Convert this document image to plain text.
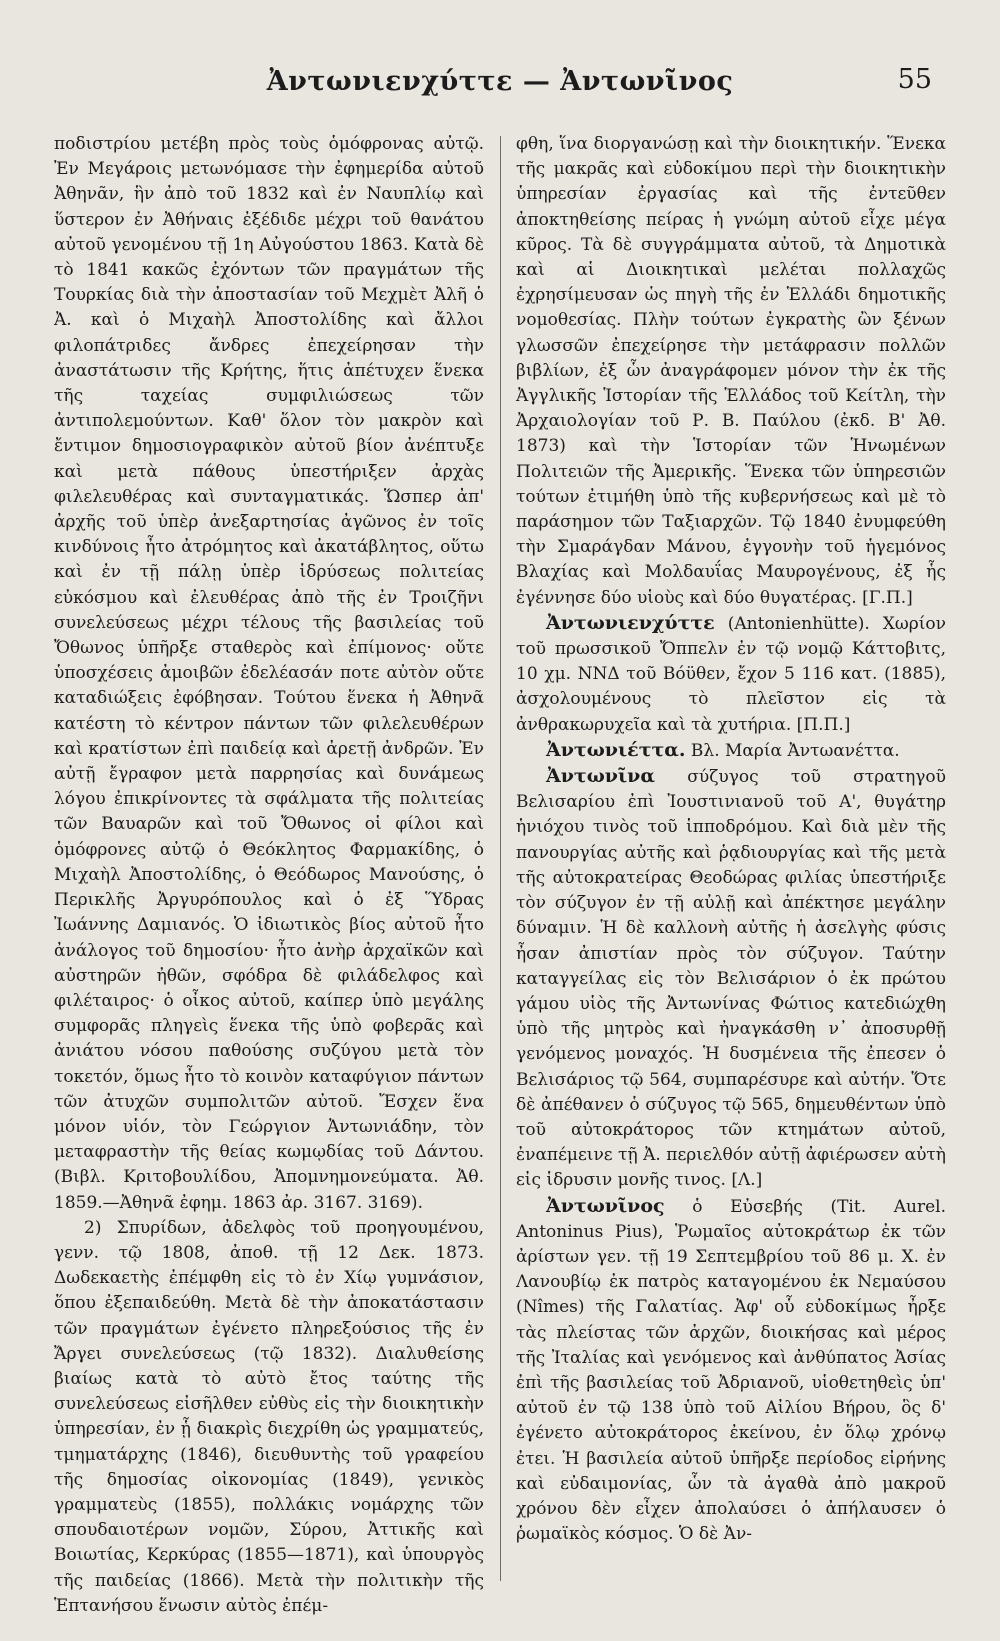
Ἀντωνιενχύττε — Ἀντωνῖνος	55

ποδιστρίου μετέβη πρὸς τοὺς ὁμόφρονας αὐτῷ. Ἐν Μεγάροις μετωνόμασε τὴν ἐφημερίδα αὐτοῦ Ἀθηνᾶν, ἣν ἀπὸ τοῦ 1832 καὶ ἐν Ναυπλίῳ καὶ ὕστερον ἐν Ἀθήναις ἐξέδιδε μέχρι τοῦ θανάτου αὐτοῦ γενομένου τῇ 1η Αὐγούστου 1863. Κατὰ δὲ τὸ 1841 κακῶς ἐχόντων τῶν πραγμάτων τῆς Τουρκίας διὰ τὴν ἀποστασίαν τοῦ Μεχμὲτ Ἀλῆ ὁ Ἀ. καὶ ὁ Μιχαὴλ Ἀποστολίδης καὶ ἄλλοι φιλοπάτριδες ἄνδρες ἐπεχείρησαν τὴν ἀναστάτωσιν τῆς Κρήτης, ἥτις ἀπέτυχεν ἕνεκα τῆς ταχείας συμφιλιώσεως τῶν ἀντιπολεμούντων. Καθ' ὅλον τὸν μακρὸν καὶ ἔντιμον δημοσιογραφικὸν αὐτοῦ βίον ἀνέπτυξε καὶ μετὰ πάθους ὑπεστήριξεν ἀρχὰς φιλελευθέρας καὶ συνταγματικάς. Ὥσπερ ἀπ' ἀρχῆς τοῦ ὑπὲρ ἀνεξαρτησίας ἀγῶνος ἐν τοῖς κινδύνοις ἦτο ἀτρόμητος καὶ ἀκατάβλητος, οὕτω καὶ ἐν τῇ πάλῃ ὑπὲρ ἱδρύσεως πολιτείας εὐκόσμου καὶ ἐλευθέρας ἀπὸ τῆς ἐν Τροιζῆνι συνελεύσεως μέχρι τέλους τῆς βασιλείας τοῦ Ὄθωνος ὑπῆρξε σταθερὸς καὶ ἐπίμονος· οὔτε ὑποσχέσεις ἀμοιβῶν ἐδελέασάν ποτε αὐτὸν οὔτε καταδιώξεις ἐφόβησαν. Τούτου ἕνεκα ἡ Ἀθηνᾶ κατέστη τὸ κέντρον πάντων τῶν φιλελευθέρων καὶ κρατίστων ἐπὶ παιδείᾳ καὶ ἀρετῇ ἀνδρῶν. Ἐν αὐτῇ ἔγραφον μετὰ παρρησίας καὶ δυνάμεως λόγου ἐπικρίνοντες τὰ σφάλματα τῆς πολιτείας τῶν Βαυαρῶν καὶ τοῦ Ὄθωνος οἱ φίλοι καὶ ὁμόφρονες αὐτῷ ὁ Θεόκλητος Φαρμακίδης, ὁ Μιχαὴλ Ἀποστολίδης, ὁ Θεόδωρος Μανούσης, ὁ Περικλῆς Ἀργυρόπουλος καὶ ὁ ἐξ Ὕδρας Ἰωάννης Δαμιανός. Ὁ ἰδιωτικὸς βίος αὐτοῦ ἦτο ἀνάλογος τοῦ δημοσίου· ἦτο ἀνὴρ ἀρχαϊκῶν καὶ αὐστηρῶν ἠθῶν, σφόδρα δὲ φιλάδελφος καὶ φιλέταιρος· ὁ οἶκος αὐτοῦ, καίπερ ὑπὸ μεγάλης συμφορᾶς πληγεὶς ἕνεκα τῆς ὑπὸ φοβερᾶς καὶ ἀνιάτου νόσου παθούσης συζύγου μετὰ τὸν τοκετόν, ὅμως ἦτο τὸ κοινὸν καταφύγιον πάντων τῶν ἀτυχῶν συμπολιτῶν αὐτοῦ. Ἔσχεν ἕνα μόνον υἱόν, τὸν Γεώργιον Ἀντωνιάδην, τὸν μεταφραστὴν τῆς θείας κωμῳδίας τοῦ Δάντου. (Βιβλ. Κριτοβουλίδου, Ἀπομνημονεύματα. Ἀθ. 1859.—Ἀθηνᾶ ἐφημ. 1863 ἀρ. 3167. 3169).

2) Σπυρίδων, ἀδελφὸς τοῦ προηγουμένου, γενν. τῷ 1808, ἀποθ. τῇ 12 Δεκ. 1873. Δωδεκαετὴς ἐπέμφθη εἰς τὸ ἐν Χίῳ γυμνάσιον, ὅπου ἐξεπαιδεύθη. Μετὰ δὲ τὴν ἀποκατάστασιν τῶν πραγμάτων ἐγένετο πληρεξούσιος τῆς ἐν Ἄργει συνελεύσεως (τῷ 1832). Διαλυθείσης βιαίως κατὰ τὸ αὐτὸ ἔτος ταύτης τῆς συνελεύσεως εἰσῆλθεν εὐθὺς εἰς τὴν διοικητικὴν ὑπηρεσίαν, ἐν ᾗ διακρὶς διεχρίθη ὡς γραμματεύς, τμηματάρχης (1846), διευθυντὴς τοῦ γραφείου τῆς δημοσίας οἰκονομίας (1849), γενικὸς γραμματεὺς (1855), πολλάκις νομάρχης τῶν σπουδαιοτέρων νομῶν, Σύρου, Ἀττικῆς καὶ Βοιωτίας, Κερκύρας (1855—1871), καὶ ὑπουργὸς τῆς παιδείας (1866). Μετὰ τὴν πολιτικὴν τῆς Ἑπτανήσου ἕνωσιν αὐτὸς ἐπέμ-

φθη, ἵνα διοργανώσῃ καὶ τὴν διοικητικήν. Ἕνεκα τῆς μακρᾶς καὶ εὐδοκίμου περὶ τὴν διοικητικὴν ὑπηρεσίαν ἐργασίας καὶ τῆς ἐντεῦθεν ἀποκτηθείσης πείρας ἡ γνώμη αὐτοῦ εἶχε μέγα κῦρος. Τὰ δὲ συγγράμματα αὐτοῦ, τὰ Δημοτικὰ καὶ αἱ Διοικητικαὶ μελέται πολλαχῶς ἐχρησίμευσαν ὡς πηγὴ τῆς ἐν Ἑλλάδι δημοτικῆς νομοθεσίας. Πλὴν τούτων ἐγκρατὴς ὢν ξένων γλωσσῶν ἐπεχείρησε τὴν μετάφρασιν πολλῶν βιβλίων, ἐξ ὧν ἀναγράφομεν μόνον τὴν ἐκ τῆς Ἀγγλικῆς Ἱστορίαν τῆς Ἑλλάδος τοῦ Κείτλη, τὴν Ἀρχαιολογίαν τοῦ Ρ. Β. Παύλου (ἐκδ. Β' Ἀθ. 1873) καὶ τὴν Ἱστορίαν τῶν Ἡνωμένων Πολιτειῶν τῆς Ἀμερικῆς. Ἕνεκα τῶν ὑπηρεσιῶν τούτων ἐτιμήθη ὑπὸ τῆς κυβερνήσεως καὶ μὲ τὸ παράσημον τῶν Ταξιαρχῶν. Τῷ 1840 ἐνυμφεύθη τὴν Σμαράγδαν Μάνου, ἐγγονὴν τοῦ ἡγεμόνος Βλαχίας καὶ Μολδαυΐας Μαυρογένους, ἐξ ἧς ἐγέννησε δύο υἱοὺς καὶ δύο θυγατέρας. [Γ.Π.]

Ἀντωνιενχύττε (Antonienhütte). Χωρίον τοῦ πρωσσικοῦ Ὄππελν ἐν τῷ νομῷ Κάττοβιτς, 10 χμ. ΝΝΔ τοῦ Βόϋθεν, ἔχον 5 116 κατ. (1885), ἀσχολουμένους τὸ πλεῖστον εἰς τὰ ἀνθρακωρυχεῖα καὶ τὰ χυτήρια. [Π.Π.]

Ἀντωνιέττα. Βλ. Μαρία Ἀντωανέττα.

Ἀντωνῖνα σύζυγος τοῦ στρατηγοῦ Βελισαρίου ἐπὶ Ἰουστινιανοῦ τοῦ Α', θυγάτηρ ἡνιόχου τινὸς τοῦ ἱπποδρόμου. Καὶ διὰ μὲν τῆς πανουργίας αὐτῆς καὶ ῥᾳδιουργίας καὶ τῆς μετὰ τῆς αὐτοκρατείρας Θεοδώρας φιλίας ὑπεστήριξε τὸν σύζυγον ἐν τῇ αὐλῇ καὶ ἀπέκτησε μεγάλην δύναμιν. Ἡ δὲ καλλονὴ αὐτῆς ἡ ἀσελγὴς φύσις ἦσαν ἀπιστίαν πρὸς τὸν σύζυγον. Ταύτην καταγγείλας εἰς τὸν Βελισάριον ὁ ἐκ πρώτου γάμου υἱὸς τῆς Ἀντωνίνας Φώτιος κατεδιώχθη ὑπὸ τῆς μητρὸς καὶ ἠναγκάσθη ν᾽ ἀποσυρθῇ γενόμενος μοναχός. Ἡ δυσμένεια τῆς ἐπεσεν ὁ Βελισάριος τῷ 564, συμπαρέσυρε καὶ αὐτήν. Ὅτε δὲ ἀπέθανεν ὁ σύζυγος τῷ 565, δημευθέντων ὑπὸ τοῦ αὐτοκράτορος τῶν κτημάτων αὐτοῦ, ἐναπέμεινε τῇ Ἀ. περιελθόν αὐτῇ ἀφιέρωσεν αὐτὴ εἰς ἱδρυσιν μονῆς τινος. [Λ.]

Ἀντωνῖνος ὁ Εὐσεβής (Tit. Aurel. Antoninus Pius), Ῥωμαῖος αὐτοκράτωρ ἐκ τῶν ἀρίστων γεν. τῇ 19 Σεπτεμβρίου τοῦ 86 μ. Χ. ἐν Λανουβίῳ ἐκ πατρὸς καταγομένου ἐκ Νεμαύσου (Nîmes) τῆς Γαλατίας. Ἀφ' οὗ εὐδοκίμως ἦρξε τὰς πλείστας τῶν ἀρχῶν, διοικήσας καὶ μέρος τῆς Ἰταλίας καὶ γενόμενος καὶ ἀνθύπατος Ἀσίας ἐπὶ τῆς βασιλείας τοῦ Ἀδριανοῦ, υἱοθετηθεὶς ὑπ' αὐτοῦ ἐν τῷ 138 ὑπὸ τοῦ Αἰλίου Βήρου, ὃς δ' ἐγένετο αὐτοκράτορος ἐκείνου, ἐν ὅλῳ χρόνῳ ἐτει. Ἡ βασιλεία αὐτοῦ ὑπῆρξε περίοδος εἰρήνης καὶ εὐδαιμονίας, ὧν τὰ ἀγαθὰ ἀπὸ μακροῦ χρόνου δὲν εἶχεν ἀπολαύσει ὁ ἀπήλαυσεν ὁ ῥωμαϊκὸς κόσμος. Ὁ δὲ Ἀν-
